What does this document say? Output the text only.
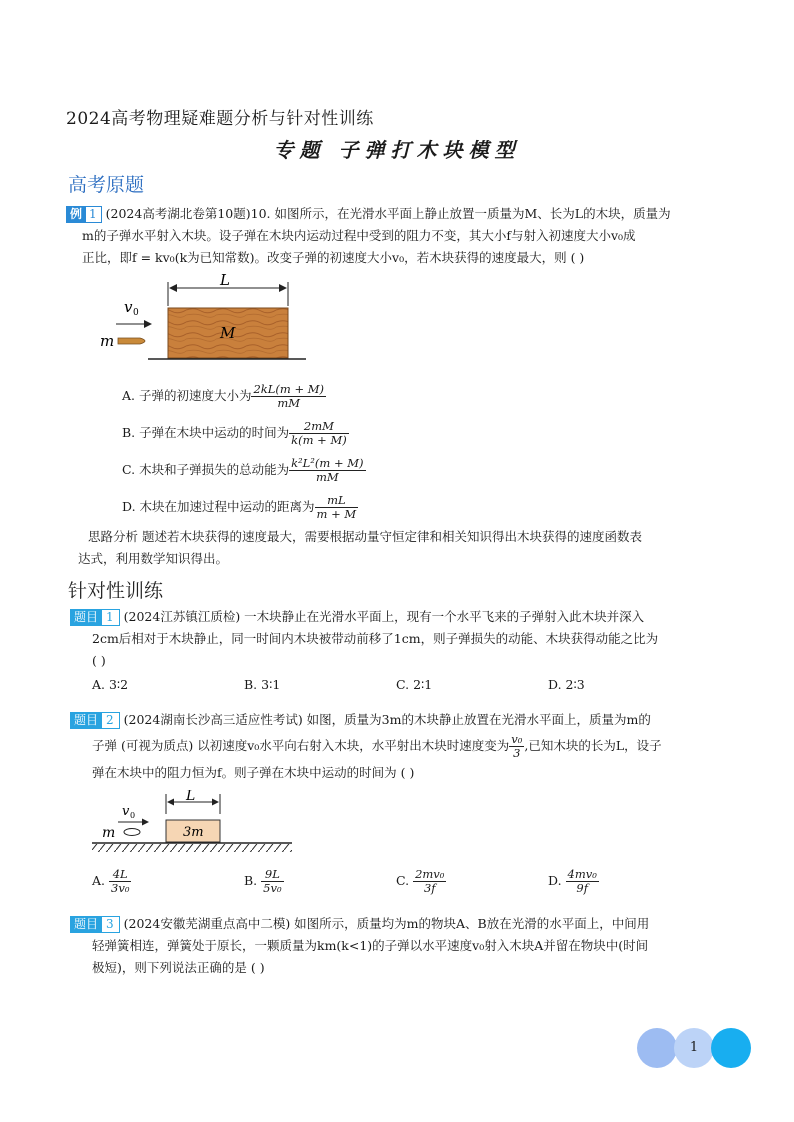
2024高考物理疑难题分析与针对性训练
专题 子弹打木块模型
高考原题
例 1 (2024高考湖北卷第10题)10. 如图所示，在光滑水平面上静止放置一质量为M、长为L的木块，质量为
m的子弹水平射入木块。设子弹在木块内运动过程中受到的阻力不变，其大小f与射入初速度大小v₀成
正比，即f = kv₀(k为已知常数)。改变子弹的初速度大小v₀，若木块获得的速度最大，则 ( )
L
M
v 0
m
A. 子弹的初速度大小为 $\frac{2kL(m + M)}{mM}$
B. 子弹在木块中运动的时间为 $\frac{2mM}{k(m + M)}$
C. 木块和子弹损失的总动能为 $\frac{\text{k²L²(m + M)}}{mM}$
D. 木块在加速过程中运动的距离为 $\frac{mL}{m + M}$
思路分析 题述若木块获得的速度最大，需要根据动量守恒定律和相关知识得出木块获得的速度函数表
达式，利用数学知识得出。
针对性训练
题目 1 (2024江苏镇江质检) 一木块静止在光滑水平面上，现有一个水平飞来的子弹射入此木块并深入
2cm后相对于木块静止，同一时间内木块被带动前移了1cm，则子弹损失的动能、木块获得动能之比为
( )
A. 3∶2	B. 3∶1	C. 2∶1	D. 2∶3
题目 2 (2024湖南长沙高三适应性考试) 如图，质量为3m的木块静止放置在光滑水平面上，质量为m的
子弹 (可视为质点) 以初速度v₀水平向右射入木块，水平射出木块时速度变为 $\frac{\text{v₀}}{3}$ ,已知木块的长为L，设子
弹在木块中的阻力恒为f。则子弹在木块中运动的时间为 ( )
L
3m
v 0
m
A. $\frac{4L}{\text{3v₀}}$	B. $\frac{9L}{\text{5v₀}}$	C. $\frac{\text{2mv₀}}{3f}$	D. $\frac{\text{4mv₀}}{9f}$
题目 3 (2024安徽芜湖重点高中二模) 如图所示，质量均为m的物块A、B放在光滑的水平面上，中间用
轻弹簧相连，弹簧处于原长，一颗质量为km(k<1)的子弹以水平速度v₀射入木块A并留在物块中(时间
极短)，则下列说法正确的是 ( )
1
